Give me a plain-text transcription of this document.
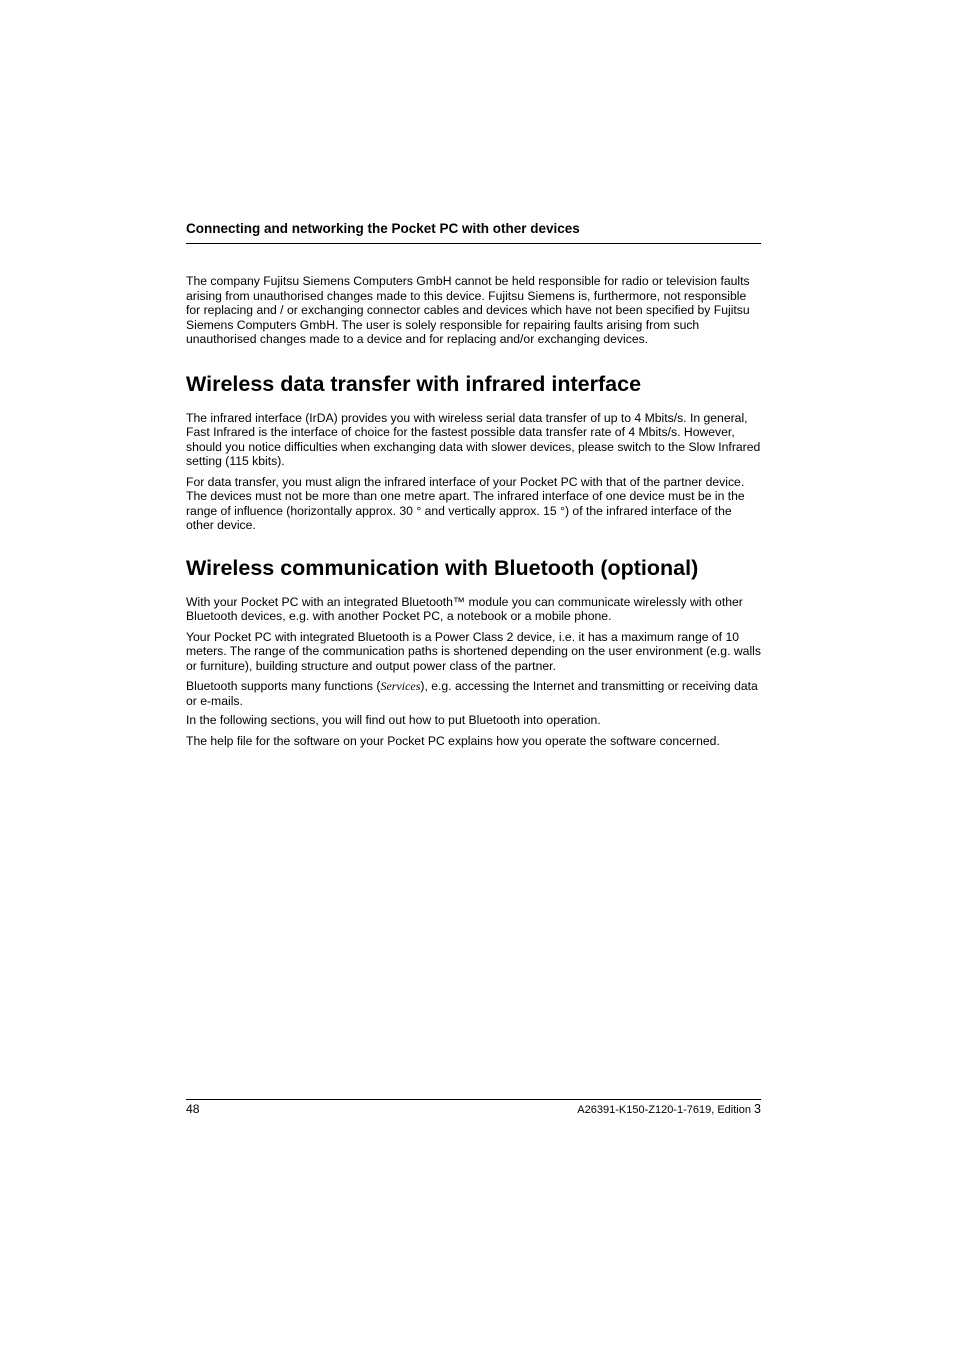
Connecting and networking the Pocket PC with other devices

The company Fujitsu Siemens Computers GmbH cannot be held responsible for radio or television faults arising from unauthorised changes made to this device. Fujitsu Siemens is, furthermore, not responsible for replacing and / or exchanging connector cables and devices which have not been specified by Fujitsu Siemens Computers GmbH. The user is solely responsible for repairing faults arising from such unauthorised changes made to a device and for replacing and/or exchanging devices.

Wireless data transfer with infrared interface

The infrared interface (IrDA) provides you with wireless serial data transfer of up to 4 Mbits/s. In general, Fast Infrared is the interface of choice for the fastest possible data transfer rate of 4 Mbits/s. However, should you notice difficulties when exchanging data with slower devices, please switch to the Slow Infrared setting (115 kbits).

For data transfer, you must align the infrared interface of your Pocket PC with that of the partner device. The devices must not be more than one metre apart. The infrared interface of one device must be in the range of influence (horizontally approx. 30 ° and vertically approx. 15 °) of the infrared interface of the other device.

Wireless communication with Bluetooth (optional)

With your Pocket PC with an integrated Bluetooth™ module you can communicate wirelessly with other Bluetooth devices, e.g. with another Pocket PC, a notebook or a mobile phone.

Your Pocket PC with integrated Bluetooth is a Power Class 2 device, i.e. it has a maximum range of 10 meters. The range of the communication paths is shortened depending on the user environment (e.g. walls or furniture), building structure and output power class of the partner.

Bluetooth supports many functions (Services), e.g. accessing the Internet and transmitting or receiving data or e-mails.

In the following sections, you will find out how to put Bluetooth into operation.

The help file for the software on your Pocket PC explains how you operate the software concerned.

48	A26391-K150-Z120-1-7619, Edition 3
